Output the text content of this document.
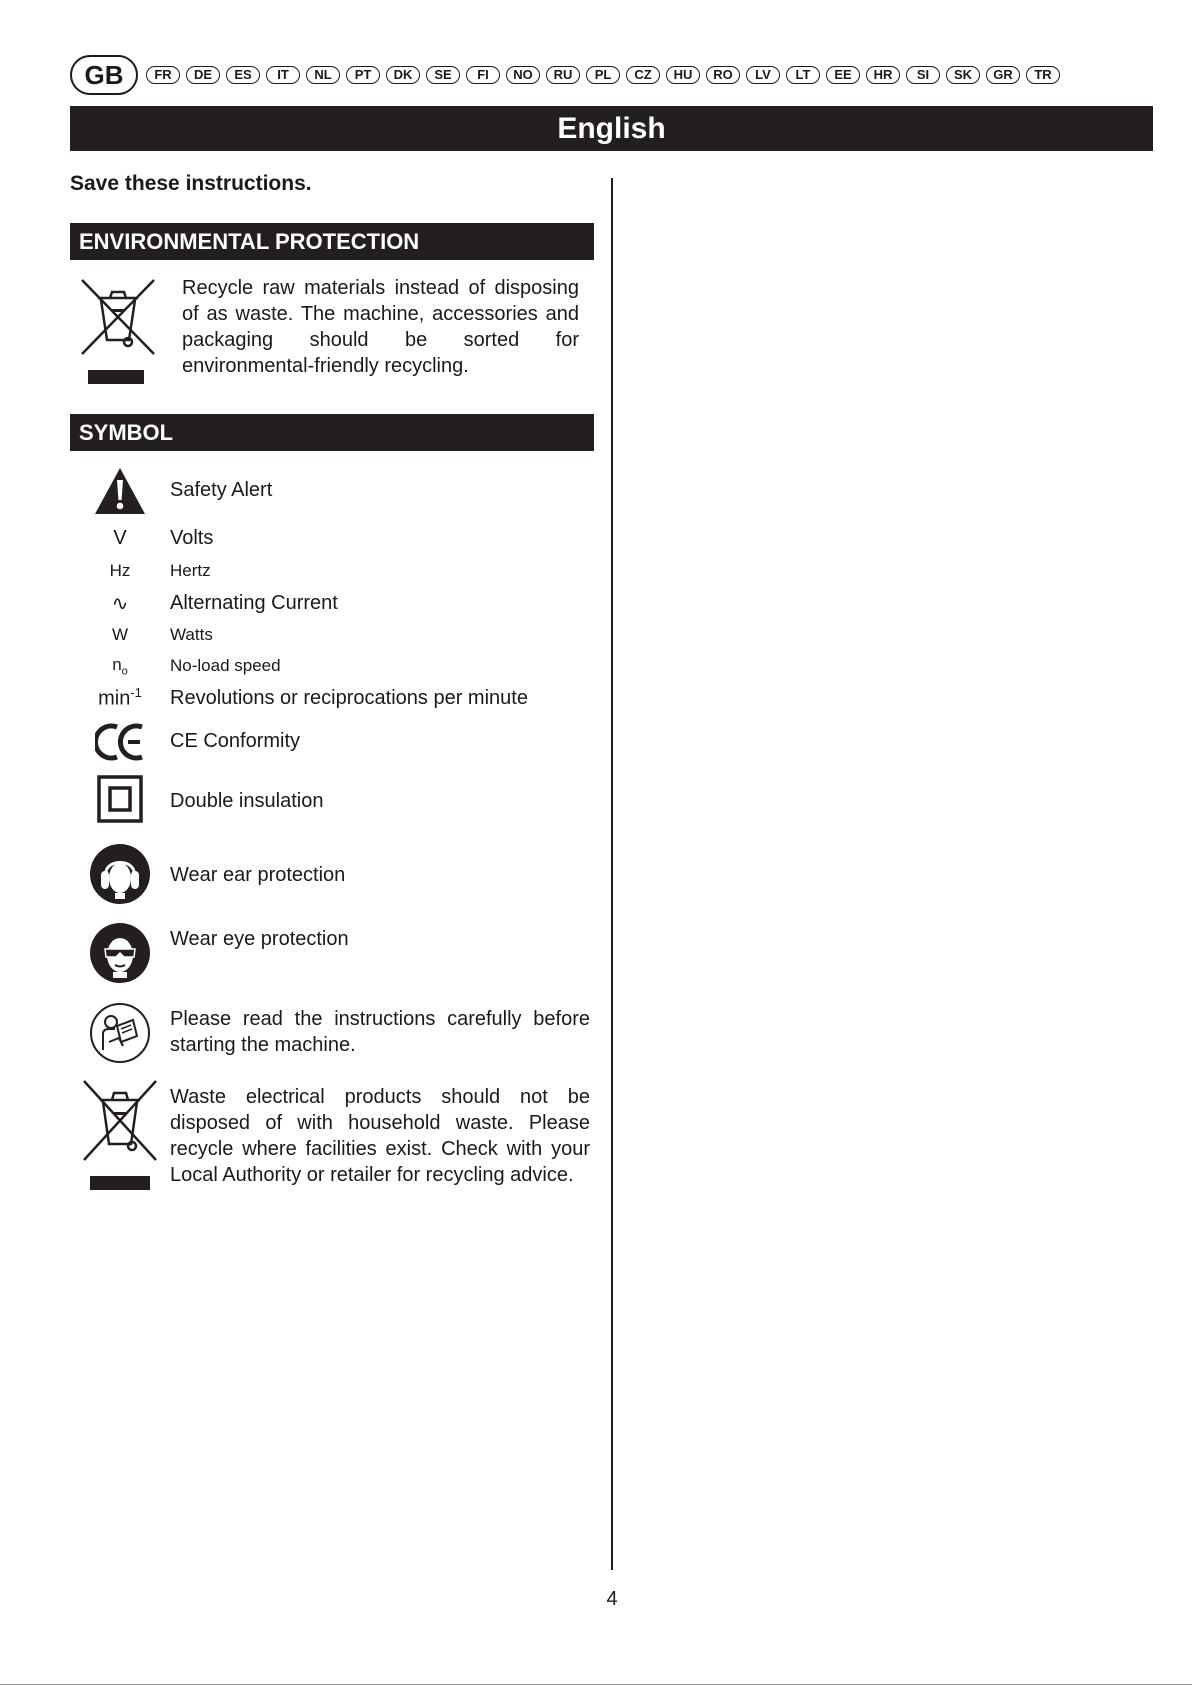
GB	FR	DE	ES	IT	NL	PT	DK	SE	FI	NO	RU	PL	CZ	HU	RO	LV	LT	EE	HR	SI	SK	GR	TR
English
Save these instructions.
ENVIRONMENTAL PROTECTION
Recycle raw materials instead of disposing of as waste. The machine, accessories and packaging should be sorted for environmental-friendly recycling.
SYMBOL
Safety Alert
V Volts
Hz Hertz
∿ Alternating Current
W Watts
$n_o$ No-load speed
$\min^{-1}$ Revolutions or reciprocations per minute
CE Conformity
Double insulation
Wear ear protection
Wear eye protection
Please read the instructions carefully before starting the machine.
Waste electrical products should not be disposed of with household waste. Please recycle where facilities exist. Check with your Local Authority or retailer for recycling advice.
4
